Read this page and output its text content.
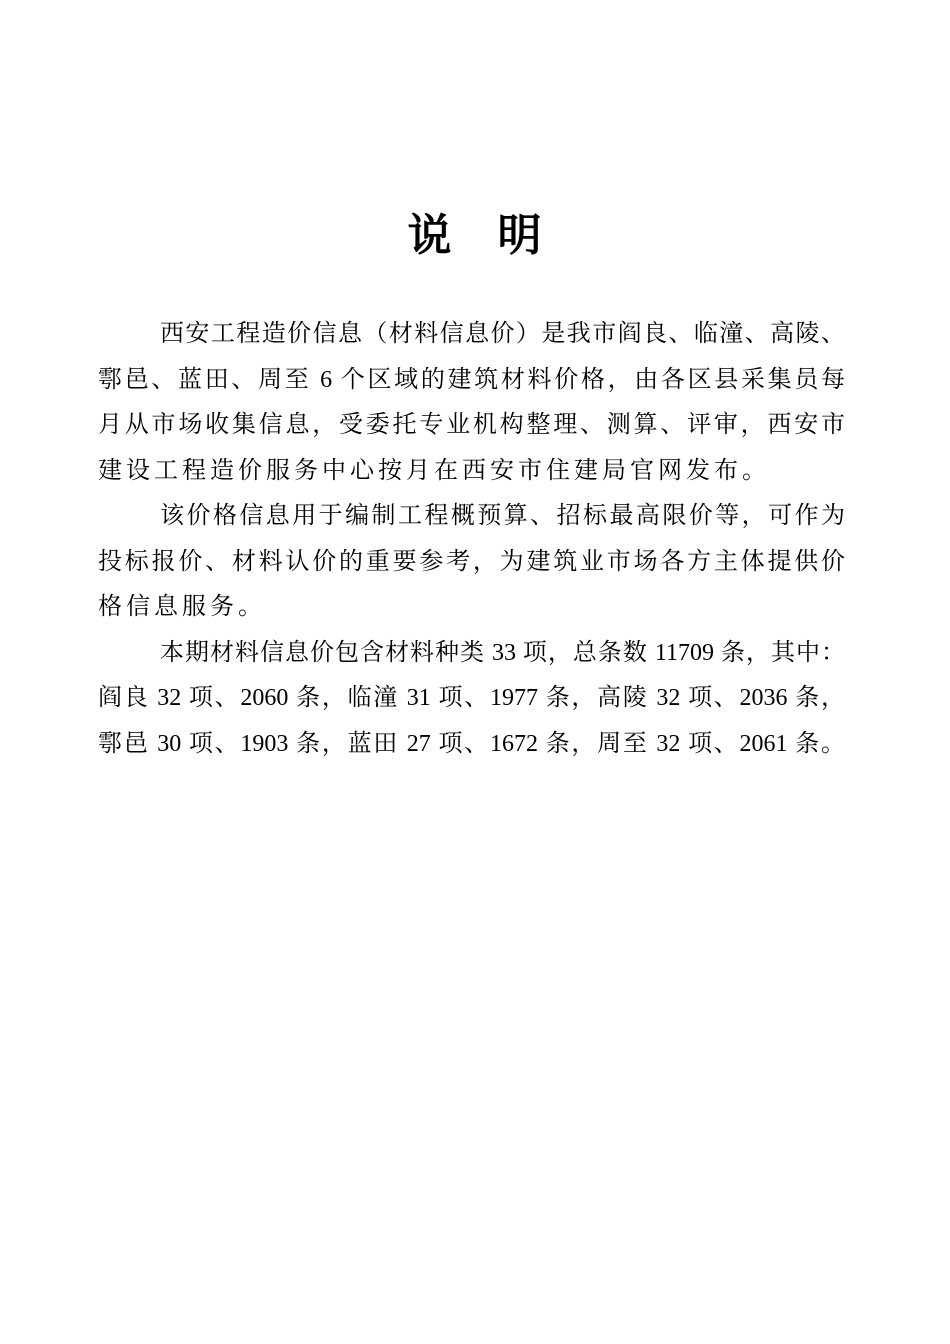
说　明
西安工程造价信息（材料信息价）是我市阎良、临潼、高陵、
鄠邑、蓝田、周至 6 个区域的建筑材料价格，由各区县采集员每
月从市场收集信息，受委托专业机构整理、测算、评审，西安市
建设工程造价服务中心按月在西安市住建局官网发布。
该价格信息用于编制工程概预算、招标最高限价等，可作为
投标报价、材料认价的重要参考，为建筑业市场各方主体提供价
格信息服务。
本期材料信息价包含材料种类 33 项，总条数 11709 条，其中：
阎良 32 项、2060 条，临潼 31 项、1977 条，高陵 32 项、2036 条，
鄠邑 30 项、1903 条，蓝田 27 项、1672 条，周至 32 项、2061 条。
